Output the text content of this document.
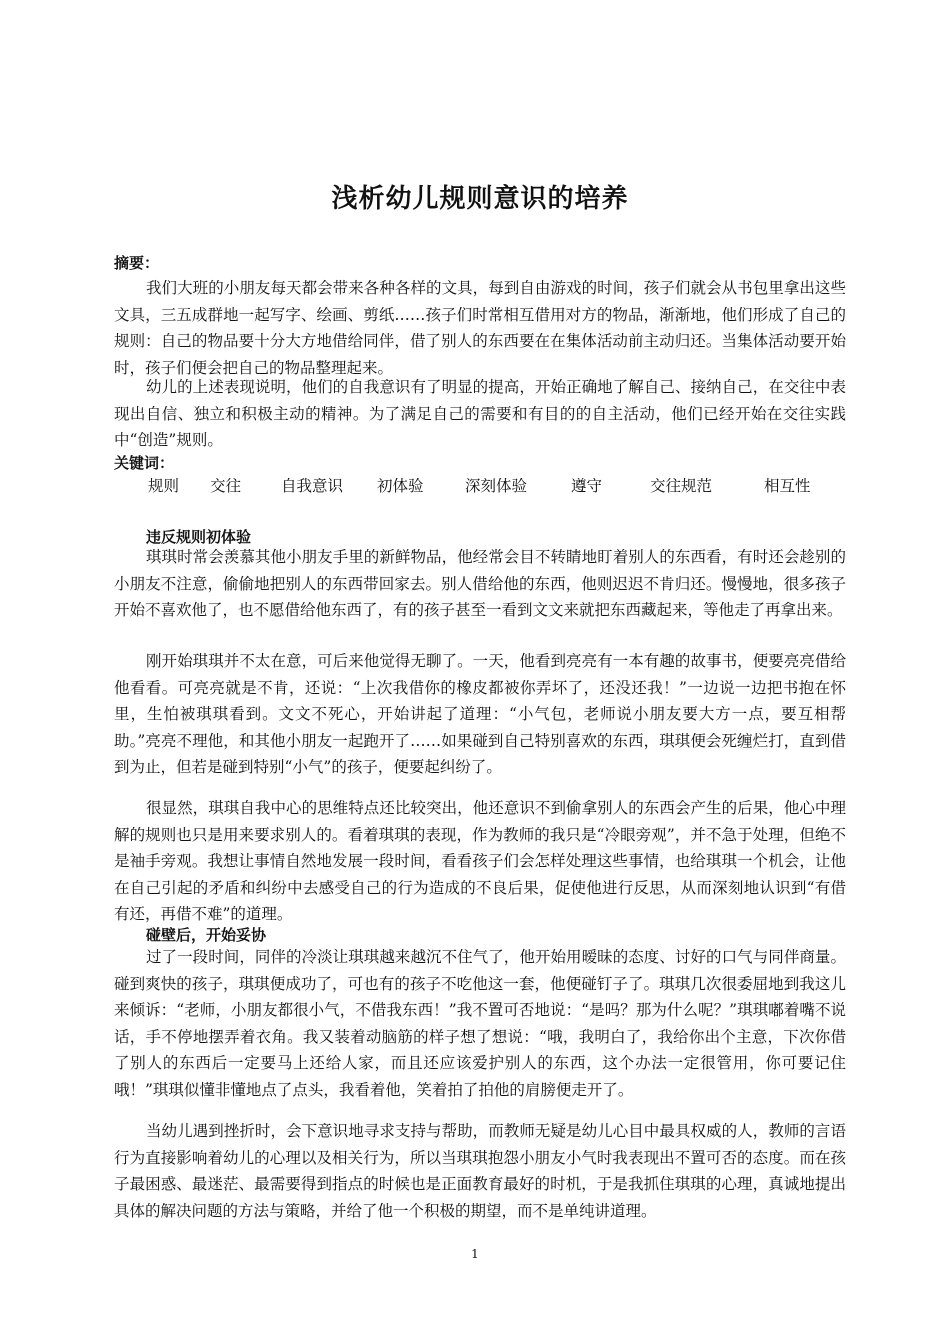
浅析幼儿规则意识的培养
摘要：

我们大班的小朋友每天都会带来各种各样的文具，每到自由游戏的时间，孩子们就会从书包里拿出这些文具，三五成群地一起写字、绘画、剪纸……孩子们时常相互借用对方的物品，渐渐地，他们形成了自己的规则：自己的物品要十分大方地借给同伴，借了别人的东西要在在集体活动前主动归还。当集体活动要开始时，孩子们便会把自己的物品整理起来。

幼儿的上述表现说明，他们的自我意识有了明显的提高，开始正确地了解自己、接纳自己，在交往中表现出自信、独立和积极主动的精神。为了满足自己的需要和有目的的自主活动，他们已经开始在交往实践中“创造”规则。

关键词：
规则 交往	自我意识 初体验	深刻体验	遵守	交往规范	相互性
违反规则初体验

琪琪时常会羡慕其他小朋友手里的新鲜物品，他经常会目不转睛地盯着别人的东西看，有时还会趁别的小朋友不注意，偷偷地把别人的东西带回家去。别人借给他的东西，他则迟迟不肯归还。慢慢地，很多孩子开始不喜欢他了，也不愿借给他东西了，有的孩子甚至一看到文文来就把东西藏起来，等他走了再拿出来。

刚开始琪琪并不太在意，可后来他觉得无聊了。一天，他看到亮亮有一本有趣的故事书，便要亮亮借给他看看。可亮亮就是不肯，还说：“上次我借你的橡皮都被你弄坏了，还没还我！”一边说一边把书抱在怀里，生怕被琪琪看到。文文不死心，开始讲起了道理：“小气包，老师说小朋友要大方一点，要互相帮助。”亮亮不理他，和其他小朋友一起跑开了……如果碰到自己特别喜欢的东西，琪琪便会死缠烂打，直到借到为止，但若是碰到特别“小气”的孩子，便要起纠纷了。

很显然，琪琪自我中心的思维特点还比较突出，他还意识不到偷拿别人的东西会产生的后果，他心中理解的规则也只是用来要求别人的。看着琪琪的表现，作为教师的我只是“冷眼旁观”，并不急于处理，但绝不是袖手旁观。我想让事情自然地发展一段时间，看看孩子们会怎样处理这些事情，也给琪琪一个机会，让他在自己引起的矛盾和纠纷中去感受自己的行为造成的不良后果，促使他进行反思，从而深刻地认识到“有借有还，再借不难”的道理。

碰壁后，开始妥协

过了一段时间，同伴的冷淡让琪琪越来越沉不住气了，他开始用暧昧的态度、讨好的口气与同伴商量。碰到爽快的孩子，琪琪便成功了，可也有的孩子不吃他这一套，他便碰钉子了。琪琪几次很委屈地到我这儿来倾诉：“老师，小朋友都很小气，不借我东西！”我不置可否地说：“是吗？那为什么呢？”琪琪嘟着嘴不说话，手不停地摆弄着衣角。我又装着动脑筋的样子想了想说：“哦，我明白了，我给你出个主意，下次你借了别人的东西后一定要马上还给人家，而且还应该爱护别人的东西，这个办法一定很管用，你可要记住哦！”琪琪似懂非懂地点了点头，我看着他，笑着拍了拍他的肩膀便走开了。

当幼儿遇到挫折时，会下意识地寻求支持与帮助，而教师无疑是幼儿心目中最具权威的人，教师的言语行为直接影响着幼儿的心理以及相关行为，所以当琪琪抱怨小朋友小气时我表现出不置可否的态度。而在孩子最困惑、最迷茫、最需要得到指点的时候也是正面教育最好的时机，于是我抓住琪琪的心理，真诚地提出具体的解决问题的方法与策略，并给了他一个积极的期望，而不是单纯讲道理。

1
